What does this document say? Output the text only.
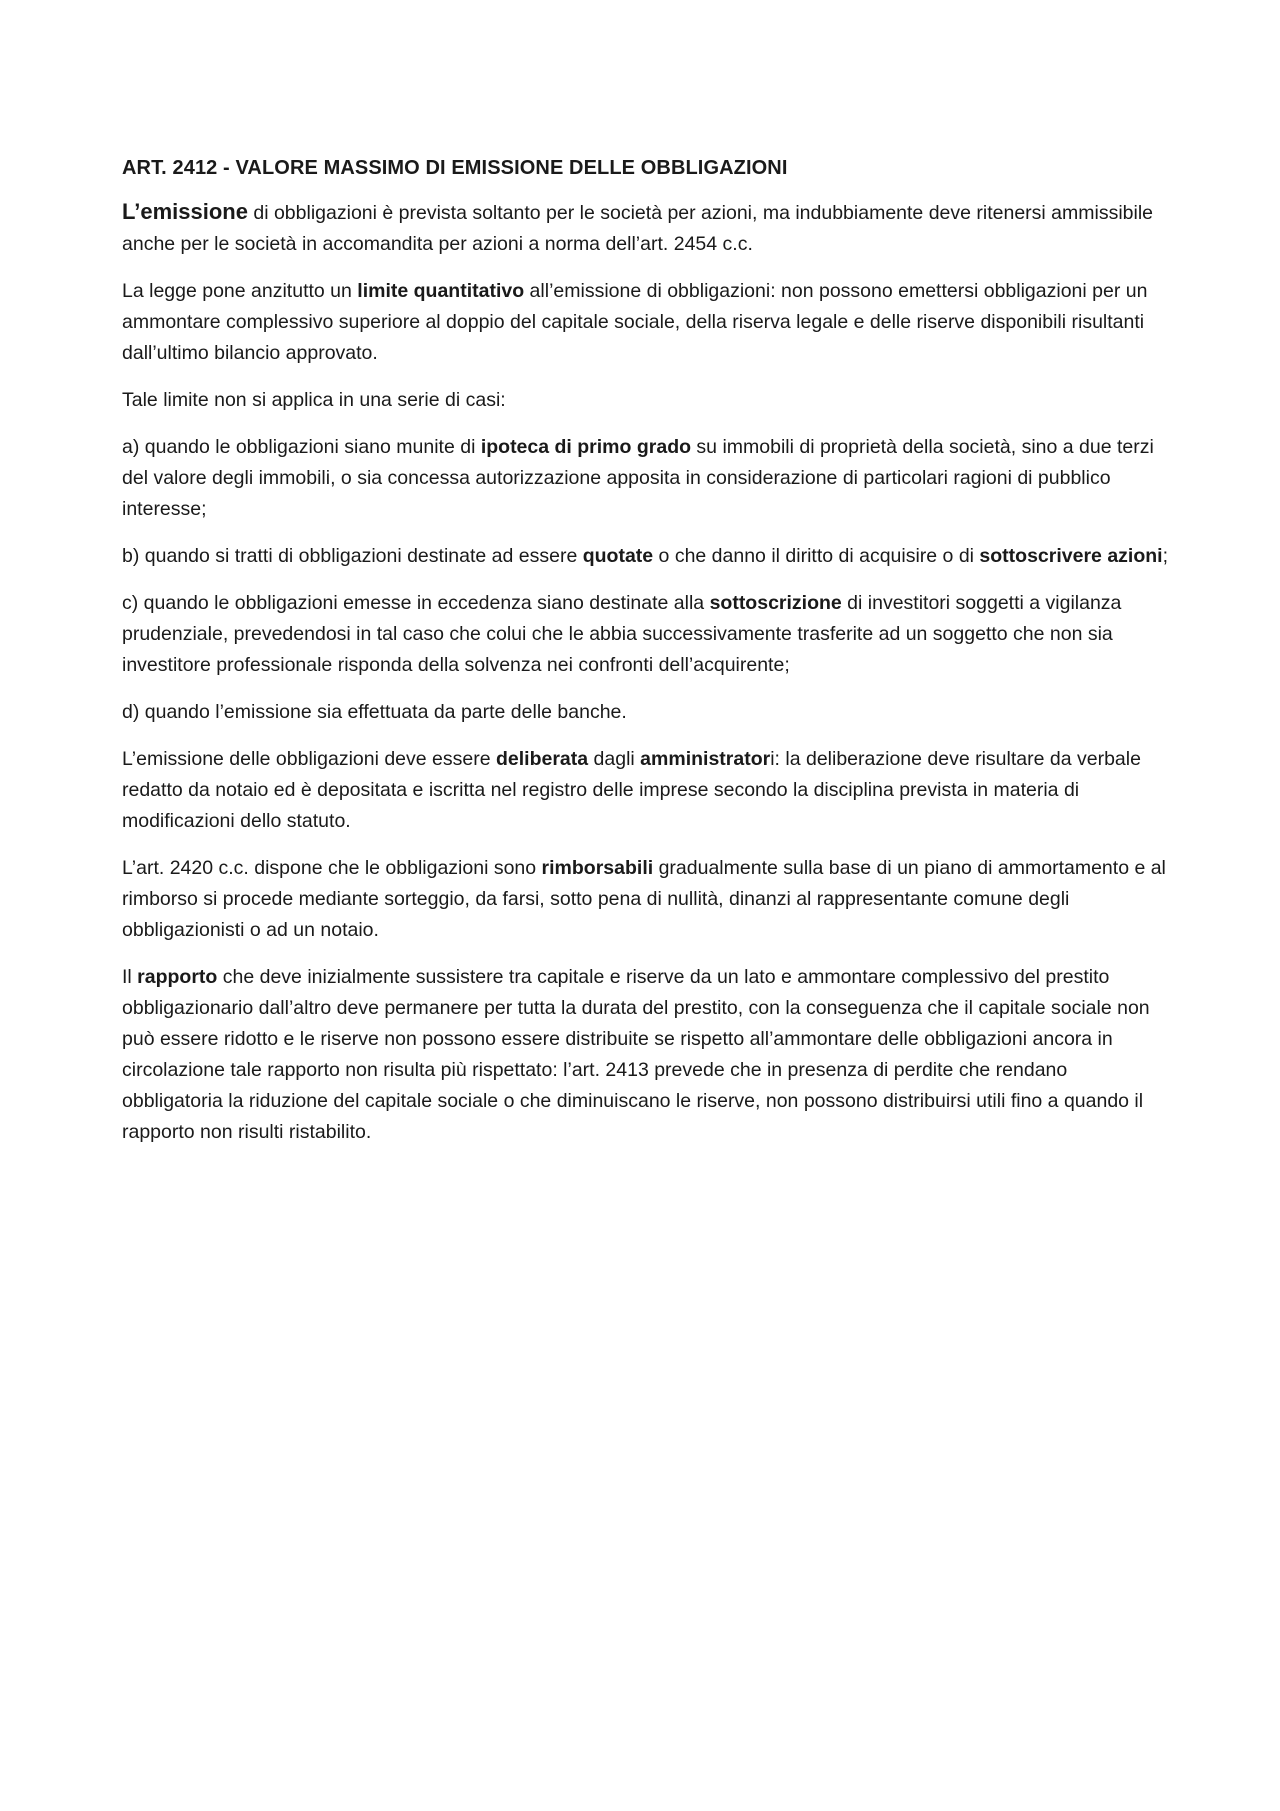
ART. 2412 - VALORE MASSIMO DI EMISSIONE DELLE OBBLIGAZIONI

L’emissione di obbligazioni è prevista soltanto per le società per azioni, ma indubbiamente deve ritenersi ammissibile anche per le società in accomandita per azioni a norma dell’art. 2454 c.c.

La legge pone anzitutto un limite quantitativo all’emissione di obbligazioni: non possono emettersi obbligazioni per un ammontare complessivo superiore al doppio del capitale sociale, della riserva legale e delle riserve disponibili risultanti dall’ultimo bilancio approvato.

Tale limite non si applica in una serie di casi:

a) quando le obbligazioni siano munite di ipoteca di primo grado su immobili di proprietà della società, sino a due terzi del valore degli immobili, o sia concessa autorizzazione apposita in considerazione di particolari ragioni di pubblico interesse;

b) quando si tratti di obbligazioni destinate ad essere quotate o che danno il diritto di acquisire o di sottoscrivere azioni;

c) quando le obbligazioni emesse in eccedenza siano destinate alla sottoscrizione di investitori soggetti a vigilanza prudenziale, prevedendosi in tal caso che colui che le abbia successivamente trasferite ad un soggetto che non sia investitore professionale risponda della solvenza nei confronti dell’acquirente;

d) quando l’emissione sia effettuata da parte delle banche.

L’emissione delle obbligazioni deve essere deliberata dagli amministratori: la deliberazione deve risultare da verbale redatto da notaio ed è depositata e iscritta nel registro delle imprese secondo la disciplina prevista in materia di modificazioni dello statuto.

L’art. 2420 c.c. dispone che le obbligazioni sono rimborsabili gradualmente sulla base di un piano di ammortamento e al rimborso si procede mediante sorteggio, da farsi, sotto pena di nullità, dinanzi al rappresentante comune degli obbligazionisti o ad un notaio.

Il rapporto che deve inizialmente sussistere tra capitale e riserve da un lato e ammontare complessivo del prestito obbligazionario dall’altro deve permanere per tutta la durata del prestito, con la conseguenza che il capitale sociale non può essere ridotto e le riserve non possono essere distribuite se rispetto all’ammontare delle obbligazioni ancora in circolazione tale rapporto non risulta più rispettato: l’art. 2413 prevede che in presenza di perdite che rendano obbligatoria la riduzione del capitale sociale o che diminuiscano le riserve, non possono distribuirsi utili fino a quando il rapporto non risulti ristabilito.
